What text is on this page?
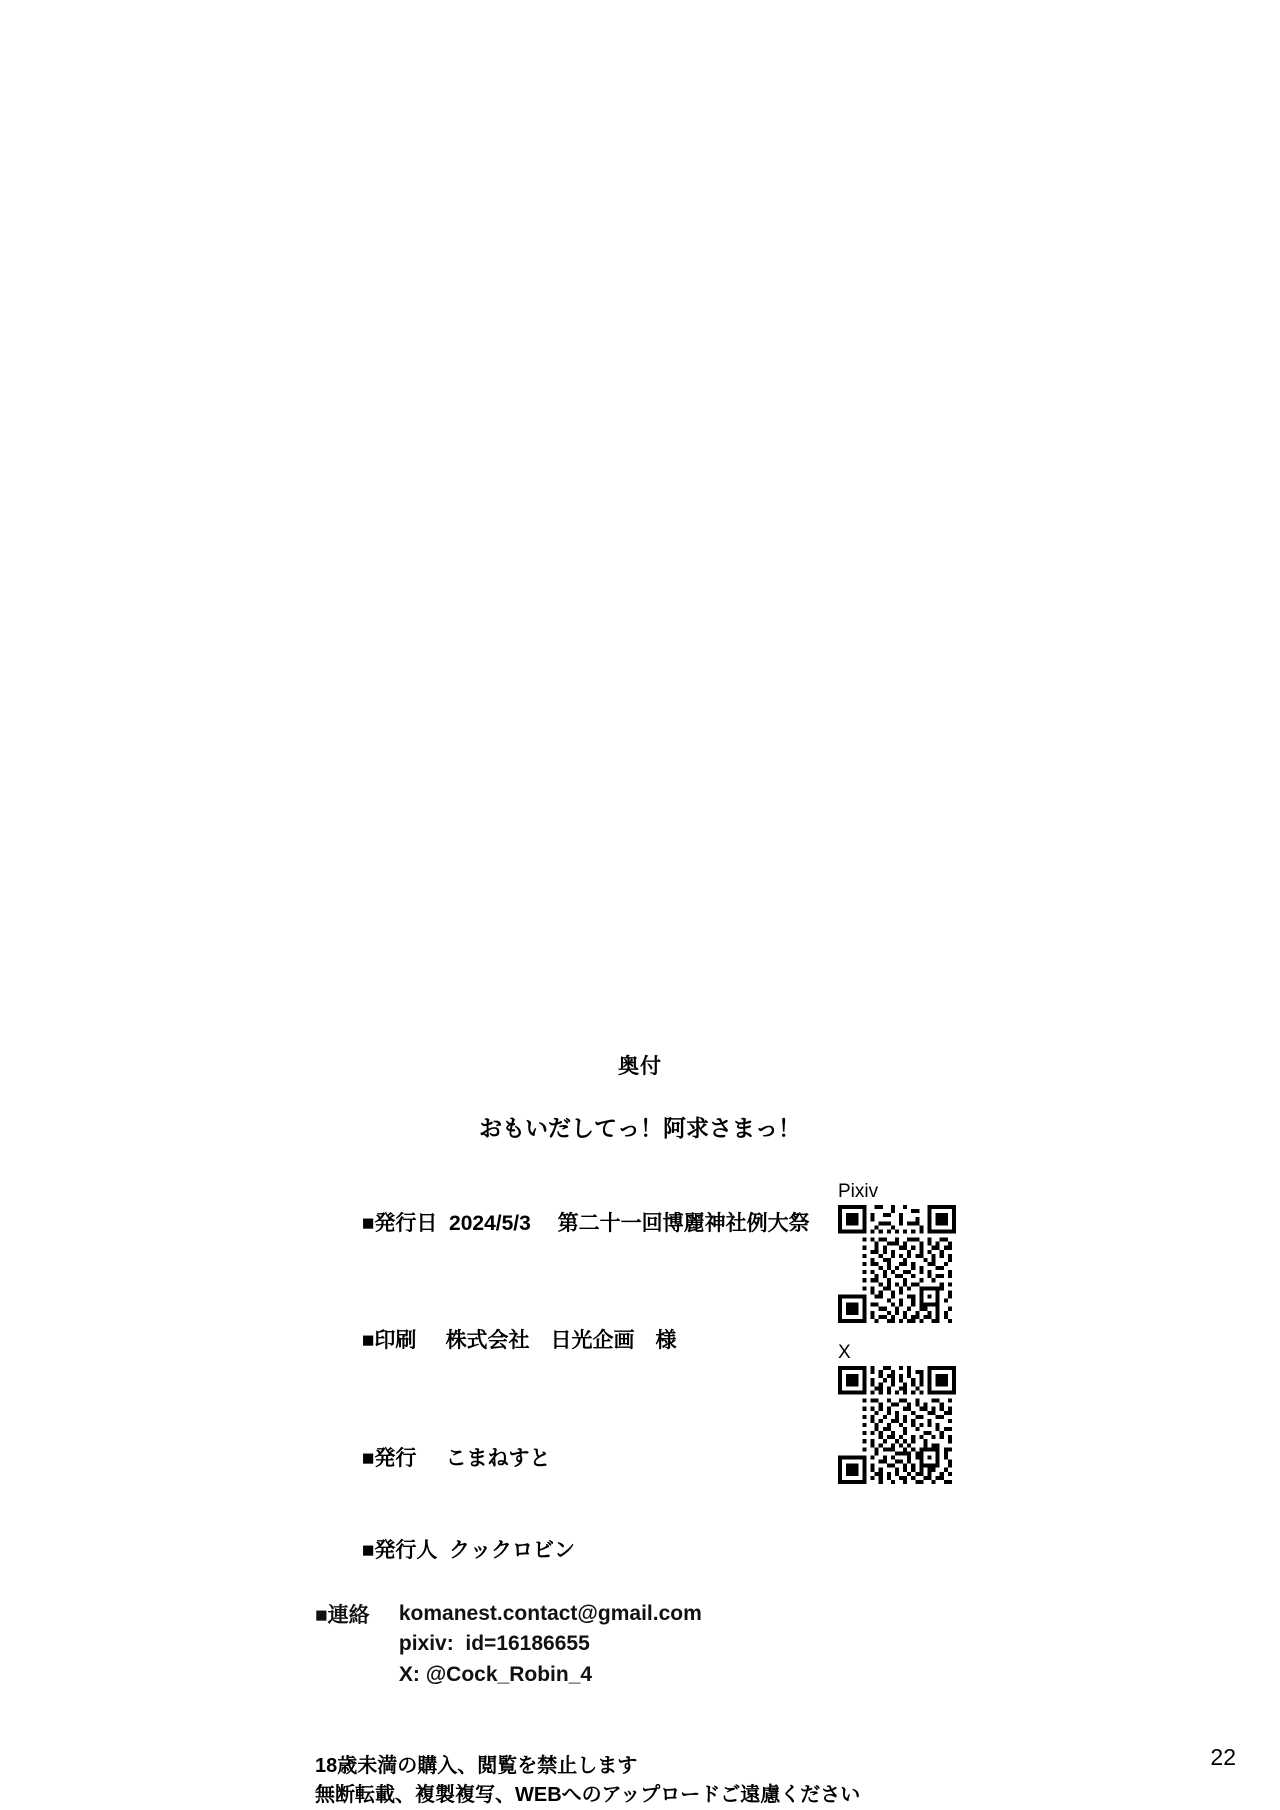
奥付
おもいだしてっ！阿求さまっ！

■発行日 2024/5/3　 第二十一回博麗神社例大祭

■印刷 株式会社　日光企画　様

■発行 こまねすと

■発行人 クックロビン

■連絡
komanest.contact@gmail.com
pixiv:  id=16186655
X: @Cock_Robin_4
18歳未満の購入、閲覧を禁止します
無断転載、複製複写、WEBへのアップロードご遠慮ください
Pixiv
X
22
